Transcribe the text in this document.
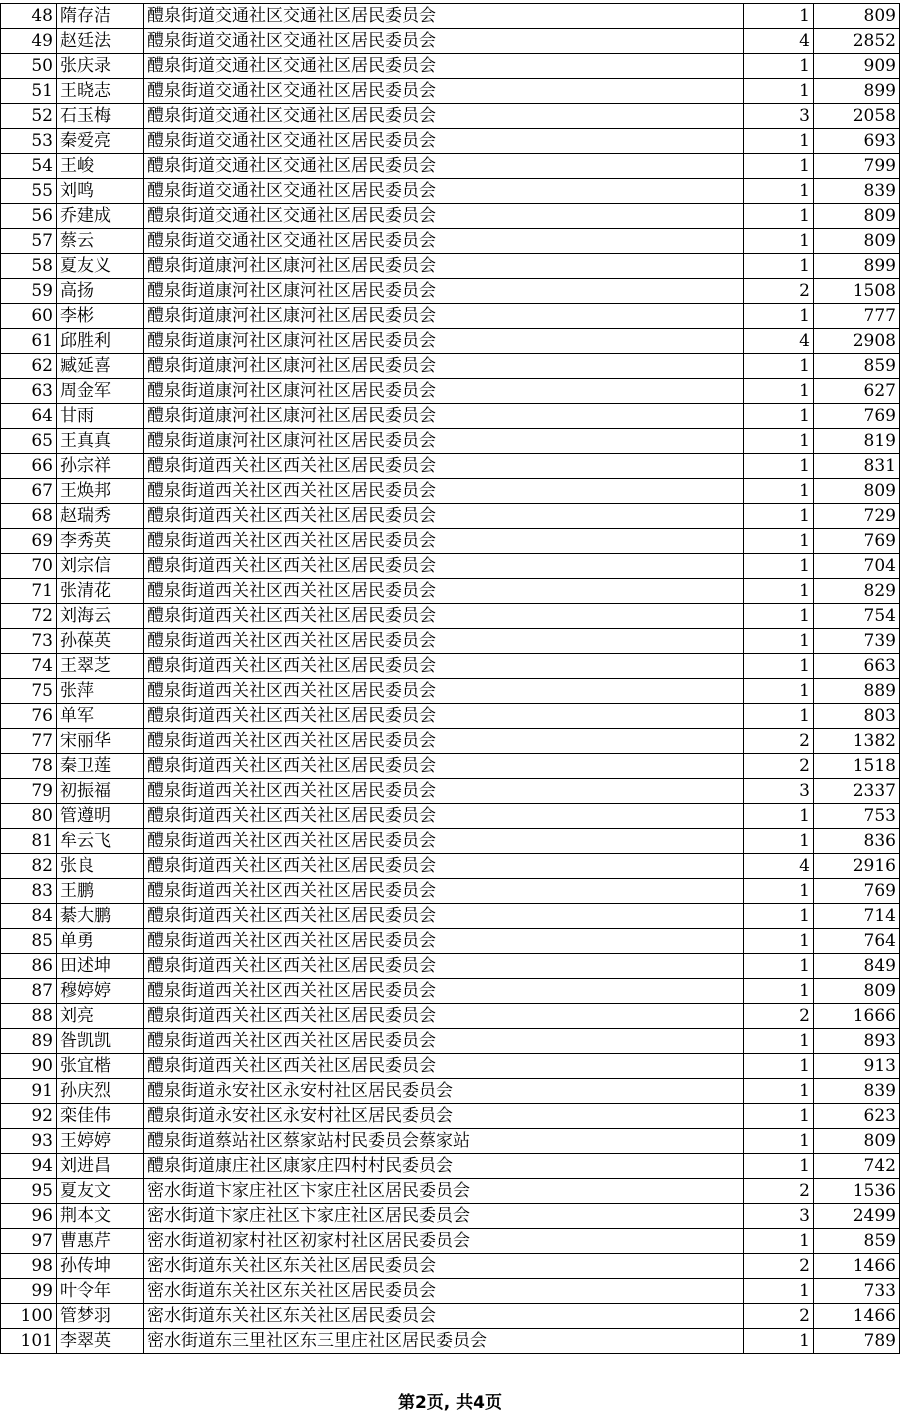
48	隋存洁	醴泉街道交通社区交通社区居民委员会	1	809
49	赵廷法	醴泉街道交通社区交通社区居民委员会	4	2852
50	张庆录	醴泉街道交通社区交通社区居民委员会	1	909
51	王晓志	醴泉街道交通社区交通社区居民委员会	1	899
52	石玉梅	醴泉街道交通社区交通社区居民委员会	3	2058
53	秦爱亮	醴泉街道交通社区交通社区居民委员会	1	693
54	王峻	醴泉街道交通社区交通社区居民委员会	1	799
55	刘鸣	醴泉街道交通社区交通社区居民委员会	1	839
56	乔建成	醴泉街道交通社区交通社区居民委员会	1	809
57	蔡云	醴泉街道交通社区交通社区居民委员会	1	809
58	夏友义	醴泉街道康河社区康河社区居民委员会	1	899
59	高扬	醴泉街道康河社区康河社区居民委员会	2	1508
60	李彬	醴泉街道康河社区康河社区居民委员会	1	777
61	邱胜利	醴泉街道康河社区康河社区居民委员会	4	2908
62	臧延喜	醴泉街道康河社区康河社区居民委员会	1	859
63	周金军	醴泉街道康河社区康河社区居民委员会	1	627
64	甘雨	醴泉街道康河社区康河社区居民委员会	1	769
65	王真真	醴泉街道康河社区康河社区居民委员会	1	819
66	孙宗祥	醴泉街道西关社区西关社区居民委员会	1	831
67	王焕邦	醴泉街道西关社区西关社区居民委员会	1	809
68	赵瑞秀	醴泉街道西关社区西关社区居民委员会	1	729
69	李秀英	醴泉街道西关社区西关社区居民委员会	1	769
70	刘宗信	醴泉街道西关社区西关社区居民委员会	1	704
71	张清花	醴泉街道西关社区西关社区居民委员会	1	829
72	刘海云	醴泉街道西关社区西关社区居民委员会	1	754
73	孙葆英	醴泉街道西关社区西关社区居民委员会	1	739
74	王翠芝	醴泉街道西关社区西关社区居民委员会	1	663
75	张萍	醴泉街道西关社区西关社区居民委员会	1	889
76	单军	醴泉街道西关社区西关社区居民委员会	1	803
77	宋丽华	醴泉街道西关社区西关社区居民委员会	2	1382
78	秦卫莲	醴泉街道西关社区西关社区居民委员会	2	1518
79	初振福	醴泉街道西关社区西关社区居民委员会	3	2337
80	管遵明	醴泉街道西关社区西关社区居民委员会	1	753
81	牟云飞	醴泉街道西关社区西关社区居民委员会	1	836
82	张良	醴泉街道西关社区西关社区居民委员会	4	2916
83	王鹏	醴泉街道西关社区西关社区居民委员会	1	769
84	綦大鹏	醴泉街道西关社区西关社区居民委员会	1	714
85	单勇	醴泉街道西关社区西关社区居民委员会	1	764
86	田述坤	醴泉街道西关社区西关社区居民委员会	1	849
87	穆婷婷	醴泉街道西关社区西关社区居民委员会	1	809
88	刘亮	醴泉街道西关社区西关社区居民委员会	2	1666
89	昝凯凯	醴泉街道西关社区西关社区居民委员会	1	893
90	张宜楷	醴泉街道西关社区西关社区居民委员会	1	913
91	孙庆烈	醴泉街道永安社区永安村社区居民委员会	1	839
92	栾佳伟	醴泉街道永安社区永安村社区居民委员会	1	623
93	王婷婷	醴泉街道蔡站社区蔡家站村民委员会蔡家站	1	809
94	刘进昌	醴泉街道康庄社区康家庄四村村民委员会	1	742
95	夏友文	密水街道卞家庄社区卞家庄社区居民委员会	2	1536
96	荆本文	密水街道卞家庄社区卞家庄社区居民委员会	3	2499
97	曹惠芹	密水街道初家村社区初家村社区居民委员会	1	859
98	孙传坤	密水街道东关社区东关社区居民委员会	2	1466
99	叶令年	密水街道东关社区东关社区居民委员会	1	733
100	管梦羽	密水街道东关社区东关社区居民委员会	2	1466
101	李翠英	密水街道东三里社区东三里庄社区居民委员会	1	789
第2页, 共4页
